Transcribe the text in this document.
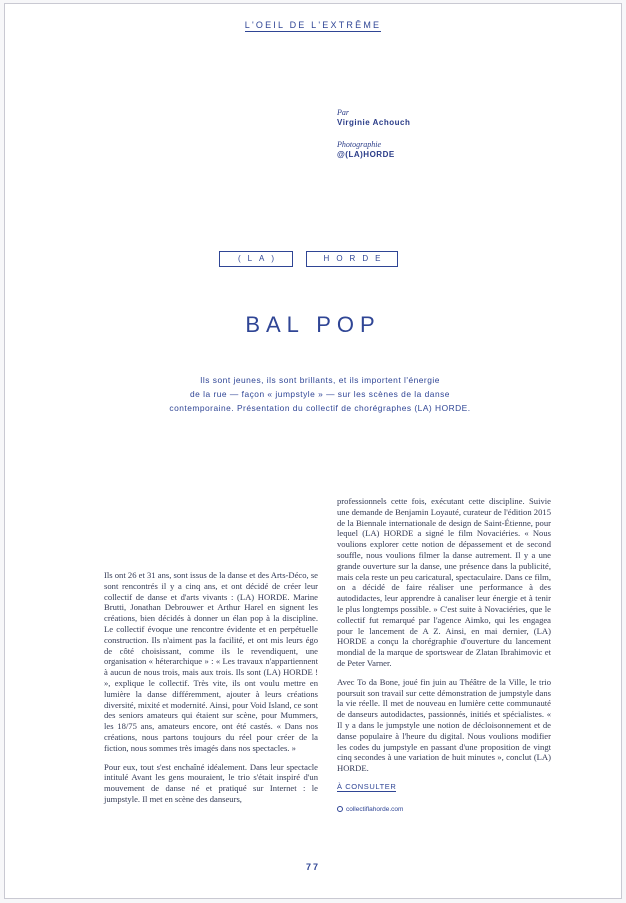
L'OEIL DE L'EXTRÊME
Par
Virginie Achouch
Photographie
@(LA)HORDE
(LA)	HORDE
BAL POP
Ils sont jeunes, ils sont brillants, et ils importent l'énergie
de la rue — façon « jumpstyle » — sur les scènes de la danse
contemporaine. Présentation du collectif de chorégraphes (LA) HORDE.

Ils ont 26 et 31 ans, sont issus de la danse et des Arts-Déco, se sont rencontrés il y a cinq ans, et ont décidé de créer leur collectif de danse et d'arts vivants : (LA) HORDE. Marine Brutti, Jonathan Debrouwer et Arthur Harel en signent les créations, bien décidés à donner un élan pop à la discipline. Le collectif évoque une rencontre évidente et en perpétuelle construction. Ils n'aiment pas la facilité, et ont mis leurs égo de côté choisissant, comme ils le revendiquent, une organisation « héterarchique » : « Les travaux n'appartiennent à aucun de nous trois, mais aux trois. Ils sont (LA) HORDE ! », explique le collectif. Très vite, ils ont voulu mettre en lumière la danse différemment, ajouter à leurs créations diversité, mixité et modernité. Ainsi, pour Void Island, ce sont des seniors amateurs qui étaient sur scène, pour Mummers, les 18/75 ans, amateurs encore, ont été castés. « Dans nos créations, nous partons toujours du réel pour créer de la fiction, nous sommes très imagés dans nos spectacles. »

Pour eux, tout s'est enchaîné idéalement. Dans leur spectacle intitulé Avant les gens mouraient, le trio s'était inspiré d'un mouvement de danse né et pratiqué sur Internet : le jumpstyle. Il met en scène des danseurs,

professionnels cette fois, exécutant cette discipline. Suivie une demande de Benjamin Loyauté, curateur de l'édition 2015 de la Biennale internationale de design de Saint-Étienne, pour lequel (LA) HORDE a signé le film Novaciéries. « Nous voulions explorer cette notion de dépassement et de second souffle, nous voulions filmer la danse autrement. Il y a une grande ouverture sur la danse, une présence dans la publicité, mais cela reste un peu caricatural, spectaculaire. Dans ce film, on a décidé de faire réaliser une performance à des autodidactes, leur apprendre à canaliser leur énergie et à tenir le plus longtemps possible. » C'est suite à Novaciéries, que le collectif fut remarqué par l'agence Aimko, qui les engagea pour le lancement de A Z. Ainsi, en mai dernier, (LA) HORDE a conçu la chorégraphie d'ouverture du lancement mondial de la marque de sportswear de Zlatan Ibrahimovic et de Peter Varner.

Avec To da Bone, joué fin juin au Théâtre de la Ville, le trio poursuit son travail sur cette démonstration de jumpstyle dans la vie réelle. Il met de nouveau en lumière cette communauté de danseurs autodidactes, passionnés, initiés et spécialistes. « Il y a dans le jumpstyle une notion de décloisonnement et de danse populaire à l'heure du digital. Nous voulions modifier les codes du jumpstyle en passant d'une proposition de vingt cinq secondes à une variation de huit minutes », conclut (LA) HORDE.

À CONSULTER
collectiflahorde.com
77
